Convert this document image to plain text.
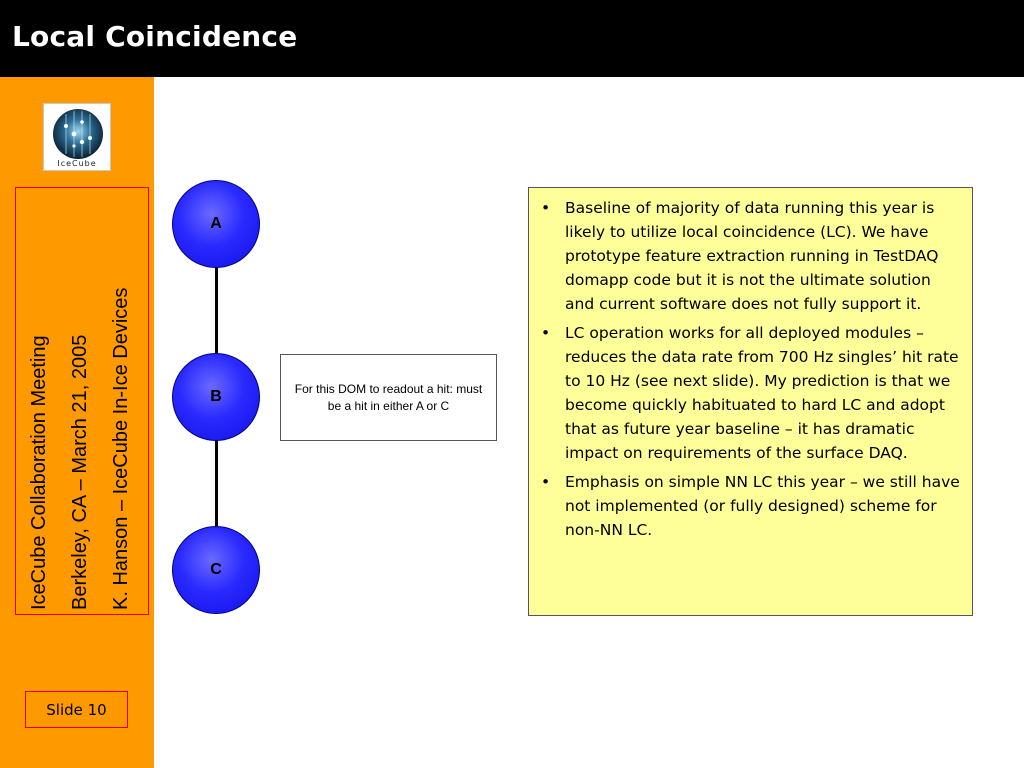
Local Coincidence
IceCube
IceCube Collaboration Meeting Berkeley, CA – March 21, 2005 K. Hanson – IceCube In-Ice Devices
Slide 10
A
B
C
For this DOM to readout a hit: must be a hit in either A or C
• Baseline of majority of data running this year is likely to utilize local coincidence (LC). We have prototype feature extraction running in TestDAQ domapp code but it is not the ultimate solution and current software does not fully support it.
• LC operation works for all deployed modules – reduces the data rate from 700 Hz singles’ hit rate to 10 Hz (see next slide). My prediction is that we become quickly habituated to hard LC and adopt that as future year baseline – it has dramatic impact on requirements of the surface DAQ.
• Emphasis on simple NN LC this year – we still have not implemented (or fully designed) scheme for non-NN LC.
